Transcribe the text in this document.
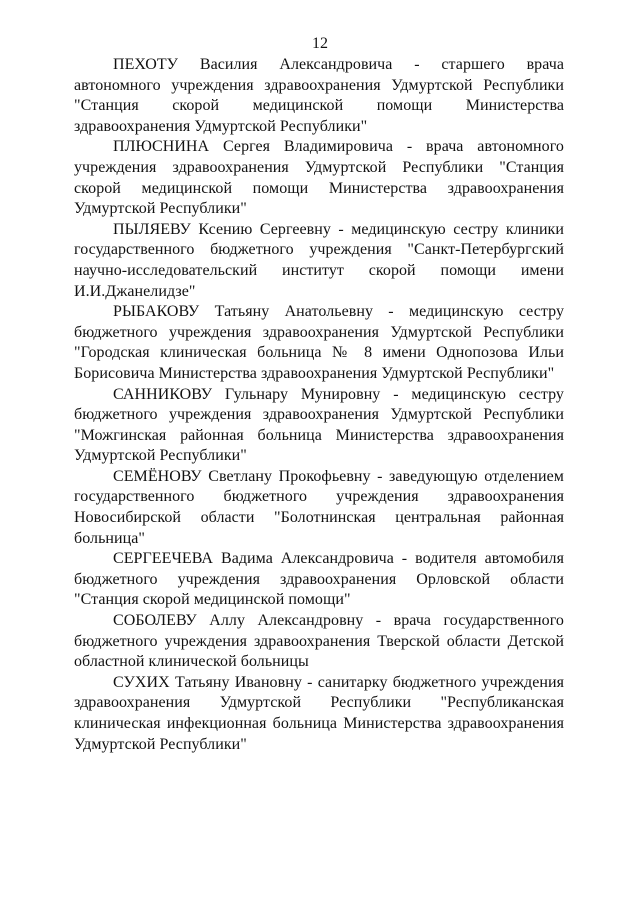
12

ПЕХОТУ Василия Александровича - старшего врача автономного учреждения здравоохранения Удмуртской Республики "Станция скорой медицинской помощи Министерства здравоохранения Удмуртской Республики"

ПЛЮСНИНА Сергея Владимировича - врача автономного учреждения здравоохранения Удмуртской Республики "Станция скорой медицинской помощи Министерства здравоохранения Удмуртской Республики"

ПЫЛЯЕВУ Ксению Сергеевну - медицинскую сестру клиники государственного бюджетного учреждения "Санкт-Петербургский научно-исследовательский институт скорой помощи имени И.И.Джанелидзе"

РЫБАКОВУ Татьяну Анатольевну - медицинскую сестру бюджетного учреждения здравоохранения Удмуртской Республики "Городская клиническая больница № 8 имени Однопозова Ильи Борисовича Министерства здравоохранения Удмуртской Республики"

САННИКОВУ Гульнару Мунировну - медицинскую сестру бюджетного учреждения здравоохранения Удмуртской Республики "Можгинская районная больница Министерства здравоохранения Удмуртской Республики"

СЕМЁНОВУ Светлану Прокофьевну - заведующую отделением государственного бюджетного учреждения здравоохранения Новосибирской области "Болотнинская центральная районная больница"

СЕРГЕЕЧЕВА Вадима Александровича - водителя автомобиля бюджетного учреждения здравоохранения Орловской области "Станция скорой медицинской помощи"

СОБОЛЕВУ Аллу Александровну - врача государственного бюджетного учреждения здравоохранения Тверской области Детской областной клинической больницы

СУХИХ Татьяну Ивановну - санитарку бюджетного учреждения здравоохранения Удмуртской Республики "Республиканская клиническая инфекционная больница Министерства здравоохранения Удмуртской Республики"
